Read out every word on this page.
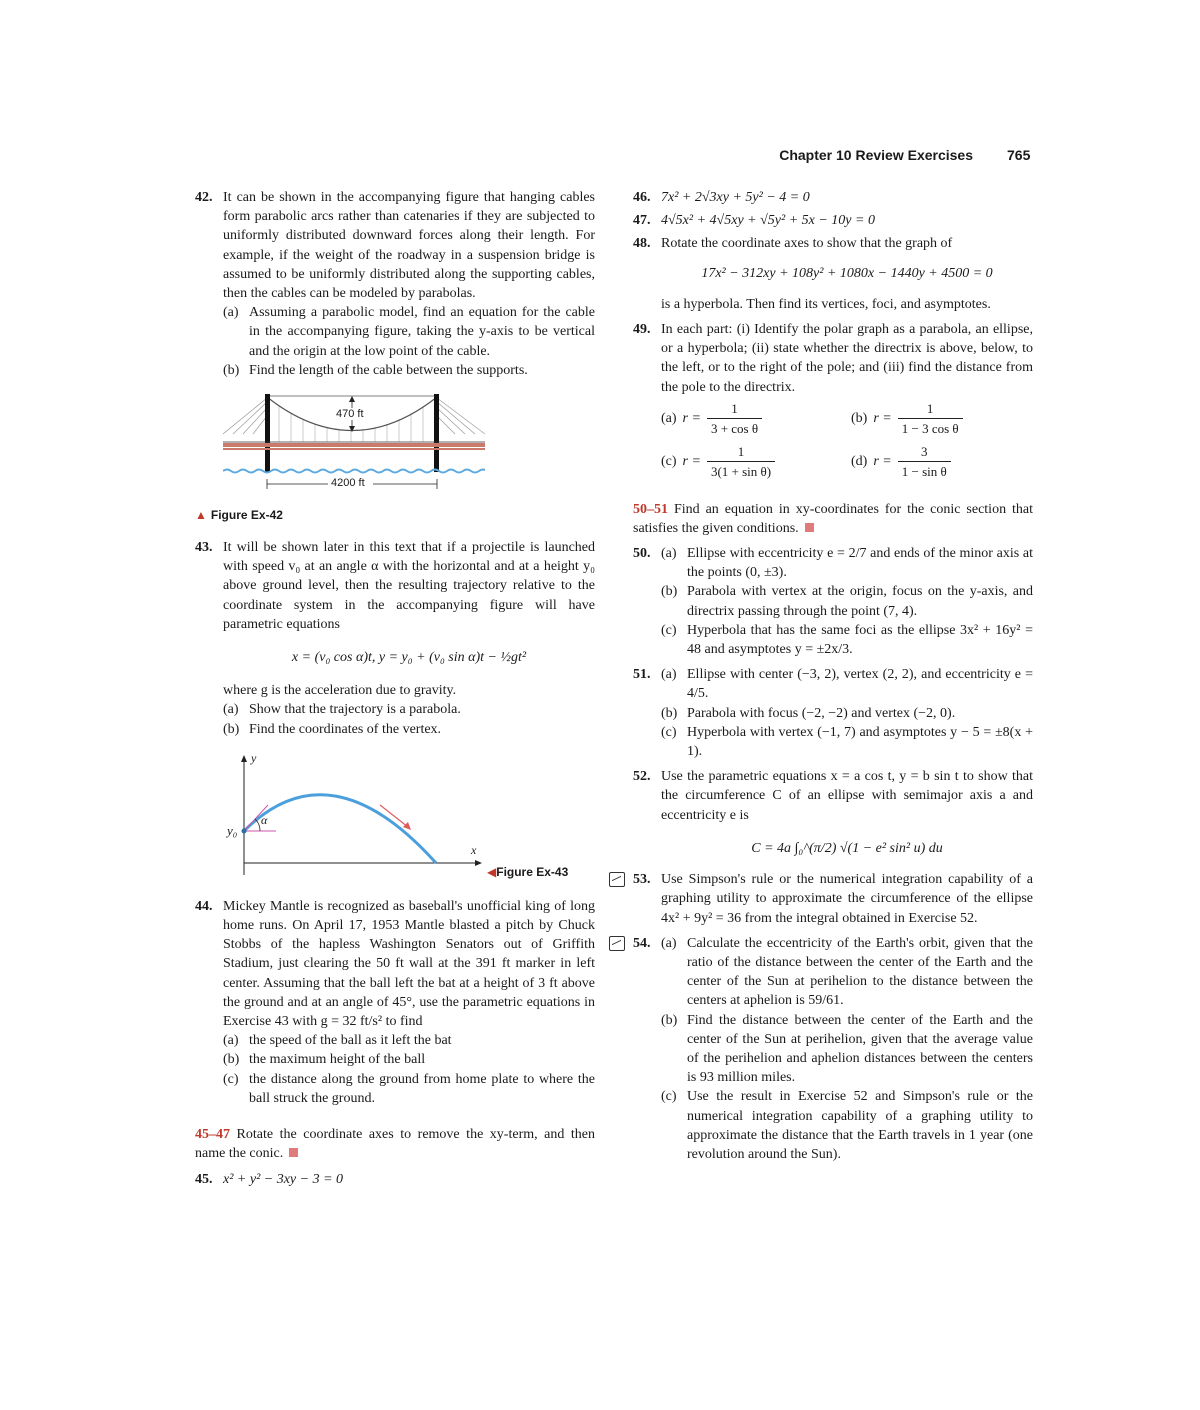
Chapter 10 Review Exercises 765
42. It can be shown in the accompanying figure that hanging cables form parabolic arcs rather than catenaries if they are subjected to uniformly distributed downward forces along their length. For example, if the weight of the roadway in a suspension bridge is assumed to be uniformly distributed along the supporting cables, then the cables can be modeled by parabolas.
(a) Assuming a parabolic model, find an equation for the cable in the accompanying figure, taking the y-axis to be vertical and the origin at the low point of the cable.
(b) Find the length of the cable between the supports.
470 ft
4200 ft
▲ Figure Ex-42
43. It will be shown later in this text that if a projectile is launched with speed v₀ at an angle α with the horizontal and at a height y₀ above ground level, then the resulting trajectory relative to the coordinate system in the accompanying figure will have parametric equations
x = (v₀ cos α)t, y = y₀ + (v₀ sin α)t − ½gt²
where g is the acceleration due to gravity.
(a) Show that the trajectory is a parabola.
(b) Find the coordinates of the vertex.
y
x
y₀
α
◀Figure Ex-43
44. Mickey Mantle is recognized as baseball's unofficial king of long home runs. On April 17, 1953 Mantle blasted a pitch by Chuck Stobbs of the hapless Washington Senators out of Griffith Stadium, just clearing the 50 ft wall at the 391 ft marker in left center. Assuming that the ball left the bat at a height of 3 ft above the ground and at an angle of 45°, use the parametric equations in Exercise 43 with g = 32 ft/s² to find
(a) the speed of the ball as it left the bat
(b) the maximum height of the ball
(c) the distance along the ground from home plate to where the ball struck the ground.
45–47 Rotate the coordinate axes to remove the xy-term, and then name the conic.
45. x² + y² − 3xy − 3 = 0
46. 7x² + 2√3xy + 5y² − 4 = 0
47. 4√5x² + 4√5xy + √5y² + 5x − 10y = 0
48. Rotate the coordinate axes to show that the graph of
17x² − 312xy + 108y² + 1080x − 1440y + 4500 = 0
is a hyperbola. Then find its vertices, foci, and asymptotes.
49. In each part: (i) Identify the polar graph as a parabola, an ellipse, or a hyperbola; (ii) state whether the directrix is above, below, to the left, or to the right of the pole; and (iii) find the distance from the pole to the directrix.
(a) $r = \frac{1}{\text{3 + cos θ}}$	(b) $r = \frac{1}{\text{1 − 3 cos θ}}$
(c) $r = \frac{1}{\text{3(1 + sin θ)}}$	(d) $r = \frac{3}{\text{1 − sin θ}}$
50–51 Find an equation in xy-coordinates for the conic section that satisfies the given conditions.
50. (a) Ellipse with eccentricity e = 2/7 and ends of the minor axis at the points (0, ±3).
(b) Parabola with vertex at the origin, focus on the y-axis, and directrix passing through the point (7, 4).
(c) Hyperbola that has the same foci as the ellipse 3x² + 16y² = 48 and asymptotes y = ±2x/3.
51. (a) Ellipse with center (−3, 2), vertex (2, 2), and eccentricity e = 4/5.
(b) Parabola with focus (−2, −2) and vertex (−2, 0).
(c) Hyperbola with vertex (−1, 7) and asymptotes y − 5 = ±8(x + 1).
52. Use the parametric equations x = a cos t, y = b sin t to show that the circumference C of an ellipse with semimajor axis a and eccentricity e is
C = 4a ∫₀^(π/2) √(1 − e² sin² u) du
53. Use Simpson's rule or the numerical integration capability of a graphing utility to approximate the circumference of the ellipse 4x² + 9y² = 36 from the integral obtained in Exercise 52.
54. (a) Calculate the eccentricity of the Earth's orbit, given that the ratio of the distance between the center of the Earth and the center of the Sun at perihelion to the distance between the centers at aphelion is 59/61.
(b) Find the distance between the center of the Earth and the center of the Sun at perihelion, given that the average value of the perihelion and aphelion distances between the centers is 93 million miles.
(c) Use the result in Exercise 52 and Simpson's rule or the numerical integration capability of a graphing utility to approximate the distance that the Earth travels in 1 year (one revolution around the Sun).
